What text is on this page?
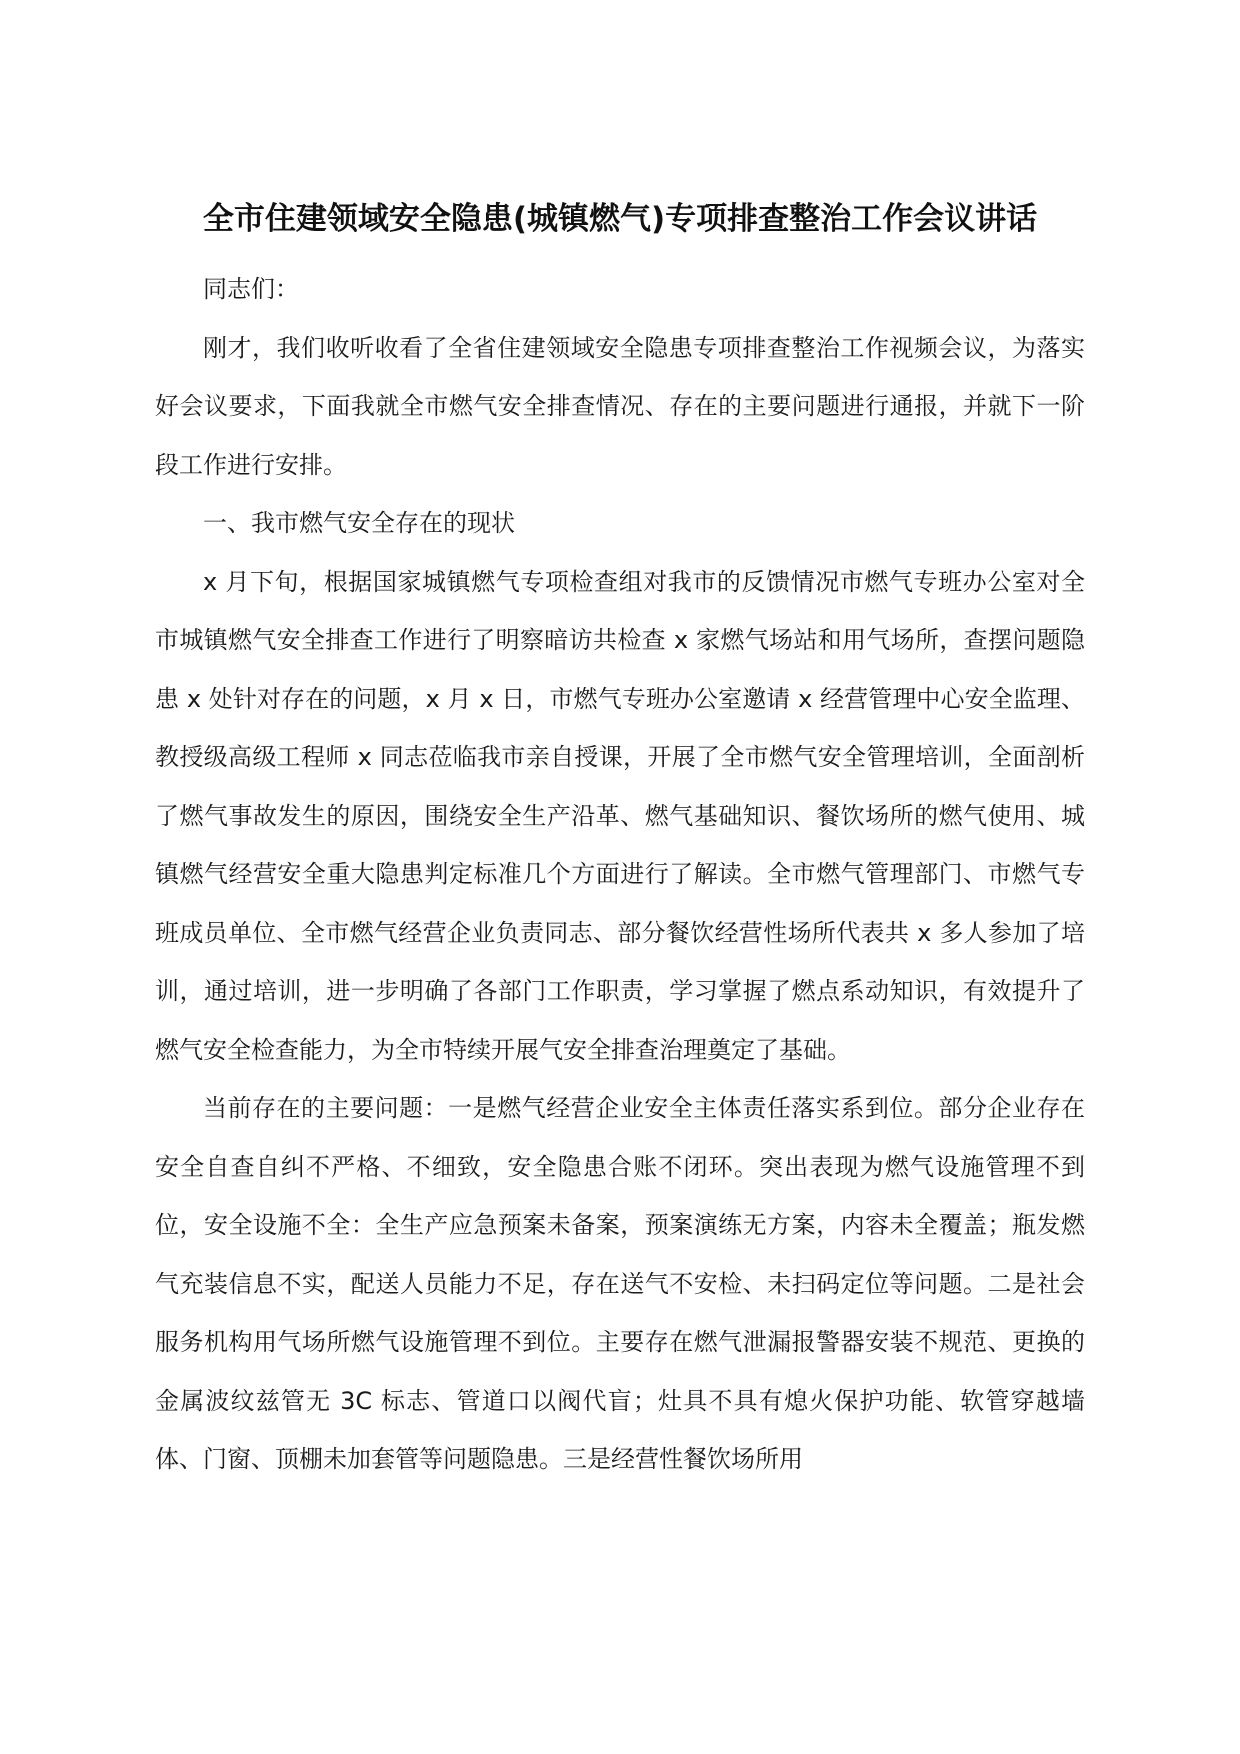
全市住建领域安全隐患(城镇燃气)专项排查整治工作会议讲话

同志们：

刚才，我们收听收看了全省住建领域安全隐患专项排查整治工作视频会议，为落实好会议要求，下面我就全市燃气安全排查情况、存在的主要问题进行通报，并就下一阶段工作进行安排。

一、我市燃气安全存在的现状

x 月下旬，根据国家城镇燃气专项检查组对我市的反馈情况市燃气专班办公室对全市城镇燃气安全排查工作进行了明察暗访共检查 x 家燃气场站和用气场所，查摆问题隐患 x 处针对存在的问题，x 月 x 日，市燃气专班办公室邀请 x 经营管理中心安全监理、教授级高级工程师 x 同志莅临我市亲自授课，开展了全市燃气安全管理培训，全面剖析了燃气事故发生的原因，围绕安全生产沿革、燃气基础知识、餐饮场所的燃气使用、城镇燃气经营安全重大隐患判定标准几个方面进行了解读。全市燃气管理部门、市燃气专班成员单位、全市燃气经营企业负责同志、部分餐饮经营性场所代表共 x 多人参加了培训，通过培训，进一步明确了各部门工作职责，学习掌握了燃点系动知识，有效提升了燃气安全检查能力，为全市特续开展气安全排查治理奠定了基础。

当前存在的主要问题：一是燃气经营企业安全主体责任落实系到位。部分企业存在安全自查自纠不严格、不细致，安全隐患合账不闭环。突出表现为燃气设施管理不到位，安全设施不全：全生产应急预案未备案，预案演练无方案，内容未全覆盖；瓶发燃气充装信息不实，配送人员能力不足，存在送气不安检、未扫码定位等问题。二是社会服务机构用气场所燃气设施管理不到位。主要存在燃气泄漏报警器安装不规范、更换的金属波纹兹管无 3C 标志、管道口以阀代盲；灶具不具有熄火保护功能、软管穿越墙体、门窗、顶棚未加套管等问题隐患。三是经营性餐饮场所用
